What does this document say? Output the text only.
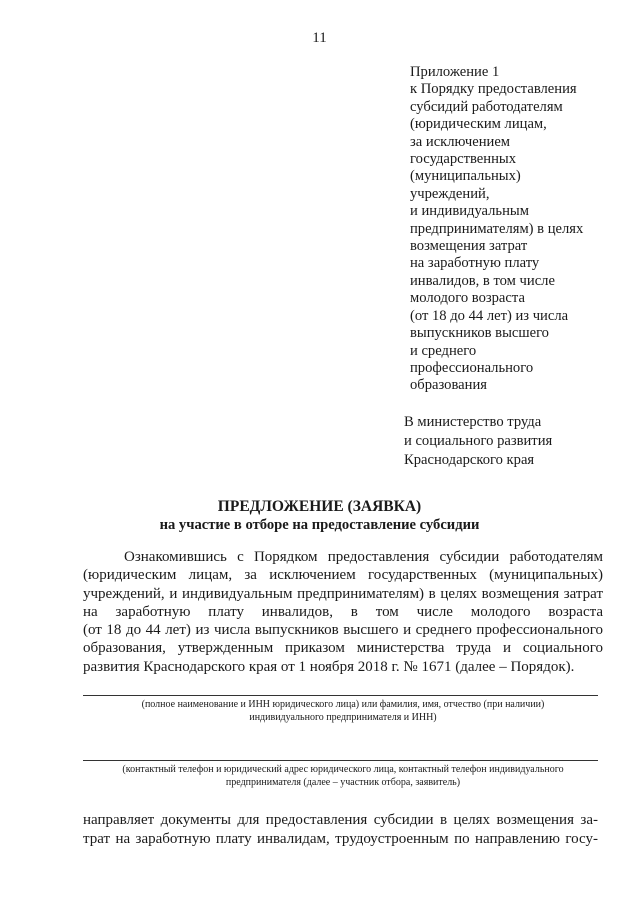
11
Приложение 1
к Порядку предоставления
субсидий работодателям
(юридическим лицам,
за исключением
государственных
(муниципальных)
учреждений,
и индивидуальным
предпринимателям) в целях
возмещения затрат
на заработную плату
инвалидов, в том числе
молодого возраста
(от 18 до 44 лет) из числа
выпускников высшего
и среднего
профессионального
образования
В министерство труда
и социального развития
Краснодарского края
ПРЕДЛОЖЕНИЕ (ЗАЯВКА)
на участие в отборе на предоставление субсидии
Ознакомившись с Порядком предоставления субсидии работодателям
(юридическим лицам, за исключением государственных (муниципальных)
учреждений, и индивидуальным предпринимателям) в целях возмещения затрат
на заработную плату инвалидов, в том числе молодого возраста
(от 18 до 44 лет) из числа выпускников высшего и среднего профессионального
образования, утвержденным приказом министерства труда и социального
развития Краснодарского края от 1 ноября 2018 г. № 1671 (далее – Порядок).
(полное наименование и ИНН юридического лица) или фамилия, имя, отчество (при наличии)
индивидуального предпринимателя и ИНН)
(контактный телефон и юридический адрес юридического лица, контактный телефон индивидуального
предпринимателя (далее – участник отбора, заявитель)
направляет документы для предоставления субсидии в целях возмещения за-
трат на заработную плату инвалидам, трудоустроенным по направлению госу-
